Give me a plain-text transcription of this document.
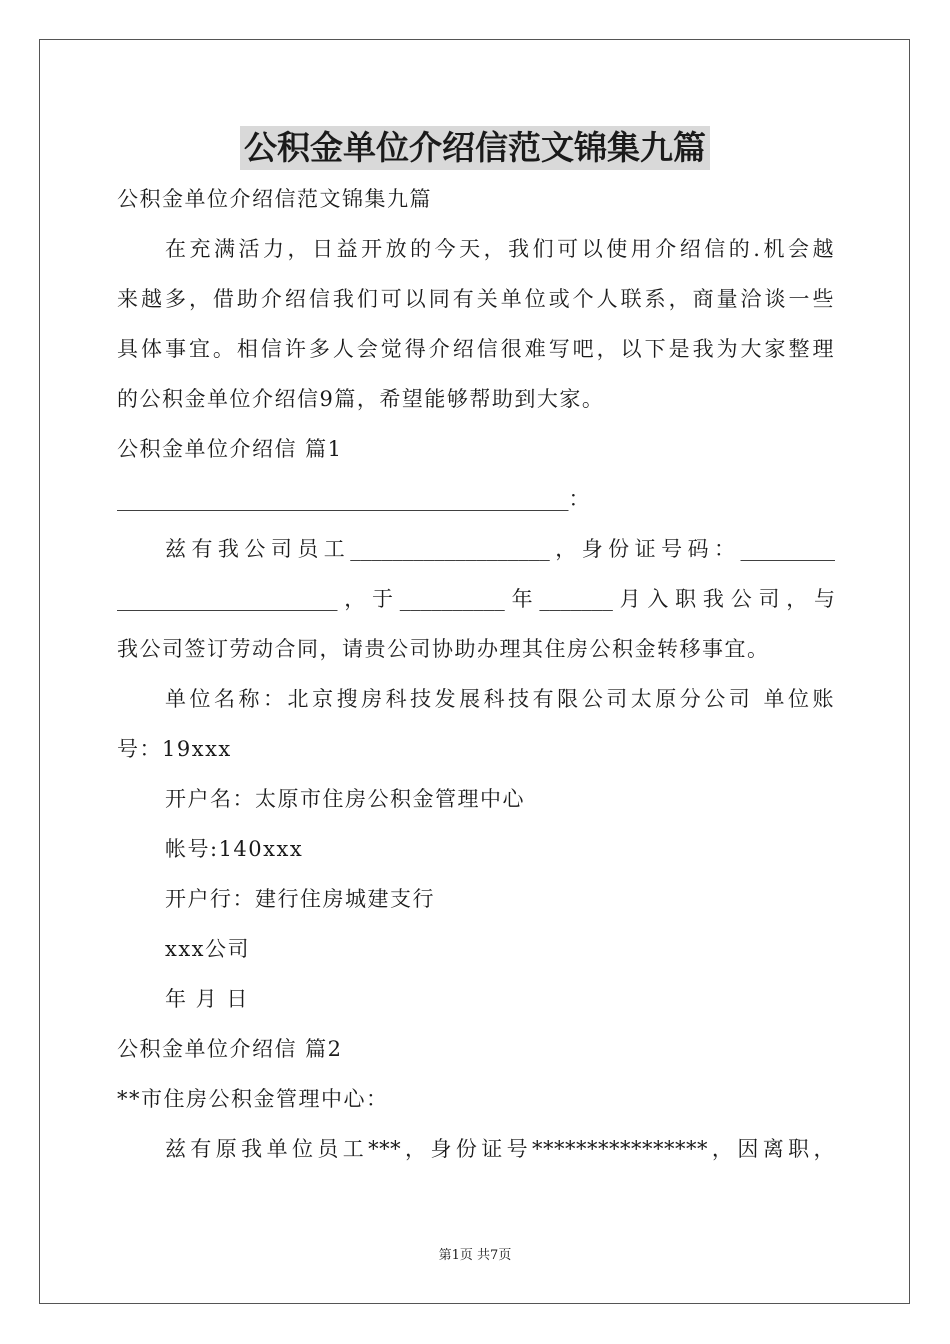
公积金单位介绍信范文锦集九篇
公积金单位介绍信范文锦集九篇
在充满活力，日益开放的今天，我们可以使用介绍信的.机会越
来越多，借助介绍信我们可以同有关单位或个人联系，商量洽谈一些
具体事宜。相信许多人会觉得介绍信很难写吧，以下是我为大家整理
的公积金单位介绍信9篇，希望能够帮助到大家。
公积金单位介绍信 篇1
___________________________________________：
兹有我公司员工___________________，身份证号码：_________
_____________________，于__________年_______月入职我公司，与
我公司签订劳动合同，请贵公司协助办理其住房公积金转移事宜。
单位名称：北京搜房科技发展科技有限公司太原分公司 单位账
号：19xxx
开户名：太原市住房公积金管理中心
帐号:140xxx
开户行：建行住房城建支行
xxx公司
年 月 日
公积金单位介绍信 篇2
**市住房公积金管理中心：
兹有原我单位员工***，身份证号****************，因离职，
第1页 共7页
